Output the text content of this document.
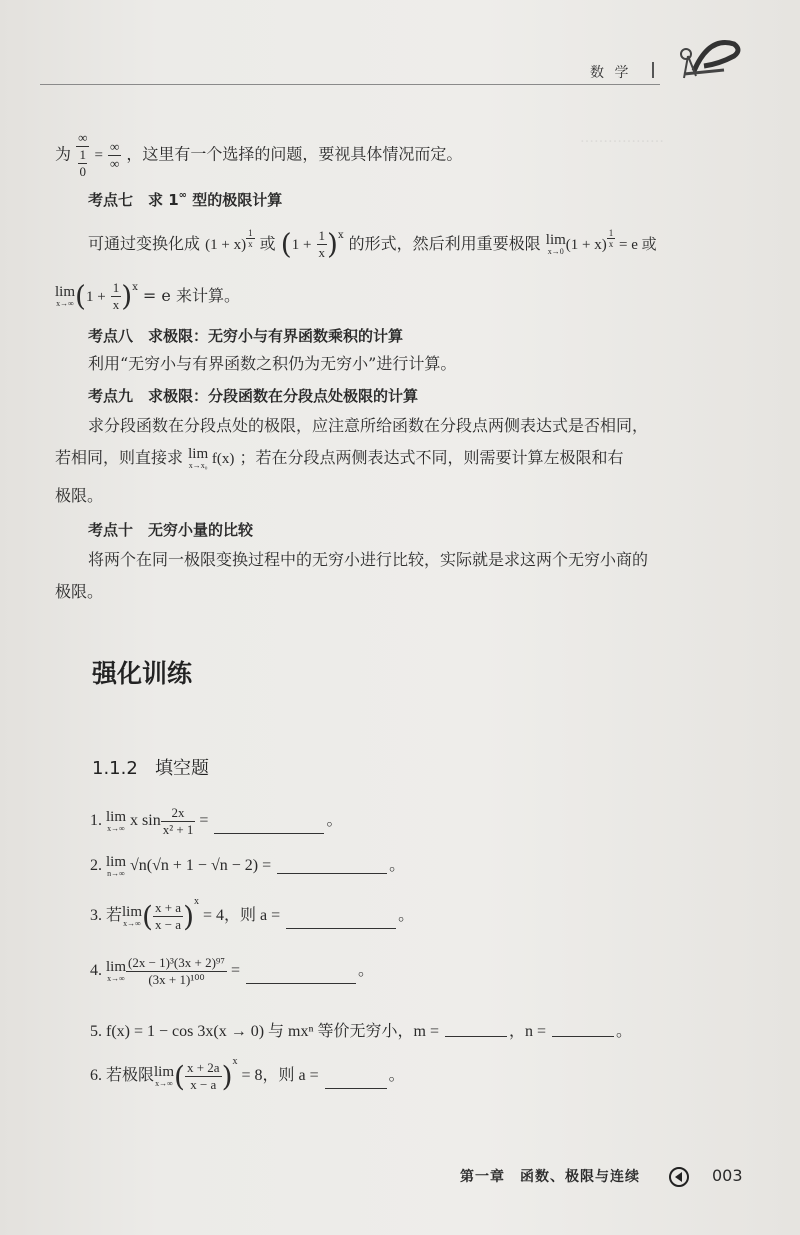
………………
数 学
为 ∞
1
$0 = \frac{\infty}{\infty}$ ，这里有一个选择的问题，要视具体情况而定。
考点七　求 1∞ 型的极限计算
可通过变换化成 $(1 + x) \frac{1}{x}$ 或 $(1 + \frac{1}{x} )^x$ 的形式，然后利用重要极限 lim
x→0 $(1 + x) \frac{1}{x} = e$ 或
lim
x→∞ $(1 + \frac{1}{x} )^x = e$ 来计算。
考点八　求极限：无穷小与有界函数乘积的计算
利用“无穷小与有界函数之积仍为无穷小”进行计算。
考点九　求极限：分段函数在分段点处极限的计算
求分段函数在分段点处的极限，应注意所给函数在分段点两侧表达式是否相同，
若相同，则直接求 lim
x→x₀ f(x) ；若在分段点两侧表达式不同，则需要计算左极限和右
极限。
考点十　无穷小量的比较
将两个在同一极限变换过程中的无穷小进行比较，实际就是求这两个无穷小商的
极限。
强化训练
1.1.2 填空题
1. lim
x→∞ x $\sin \frac{2x}{\text{x² + 1}}$ =	。
2. lim
n→∞ √n(√n + 1 − √n − 2) =	。
3. 若lim
x→∞ ( $\frac{x + a}{x - a} )^x = 4$，则 a =	。
4. lim
$x\to\infty \frac{\text{(2x − 1)³(3x + 2)⁹⁷}}{\text{(3x + 1)¹⁰⁰}}$ =	。
5. f(x) = 1 − cos 3x(x → 0) 与 mxⁿ 等价无穷小，m =	，n =	。
6. 若极限lim
x→∞ ( $\frac{x + 2a}{x - a} )^x = 8$，则 a =	。
第一章　函数、极限与连续	003
